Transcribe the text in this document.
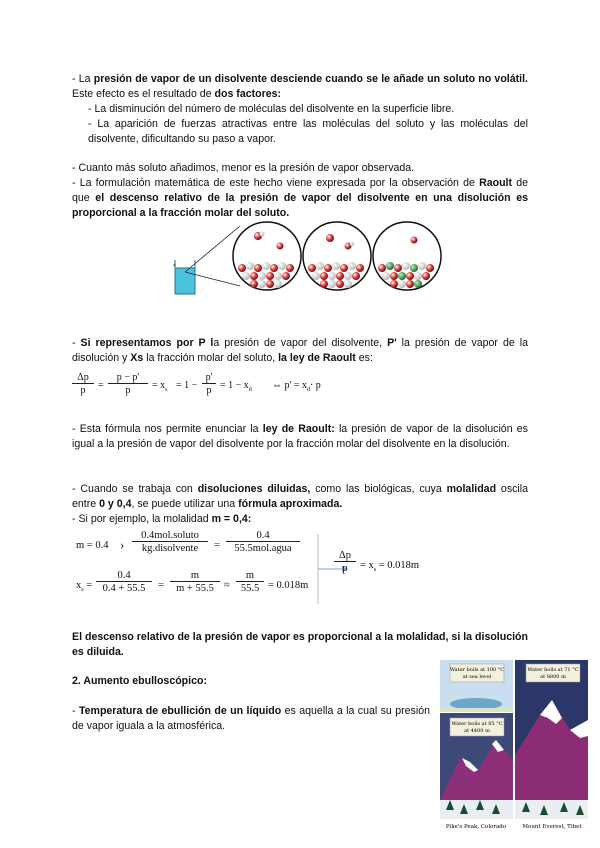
- La presión de vapor de un disolvente desciende cuando se le añade un soluto no volátil. Este efecto es el resultado de dos factores:

- La disminución del número de moléculas del disolvente en la superficie libre.

- La aparición de fuerzas atractivas entre las moléculas del soluto y las moléculas del disolvente, dificultando su paso a vapor.

- Cuanto más soluto añadimos, menor es la presión de vapor observada.

- La formulación matemática de este hecho viene expresada por la observación de Raoult de que el descenso relativo de la presión de vapor del disolvente en una disolución es proporcional a la fracción molar del soluto.

*

- Si representamos por P la presión de vapor del disolvente, P' la presión de vapor de la disolución y Xs la fracción molar del soluto, la ley de Raoult es:

$\frac{\Delta p}{p} = \frac{p - p'}{p} = x_s = 1 - \frac{p'}{p} = 1 - x_d$ ⇔ $p' = x_d\cdot p$

- Esta fórmula nos permite enunciar la ley de Raoult: la presión de vapor de la disolución es igual a la presión de vapor del disolvente por la fracción molar del disolvente en la disolución.

- Cuando se trabaja con disoluciones diluidas, como las biológicas, cuya molalidad oscila entre 0 y 0,4, se puede utilizar una fórmula aproximada.

- Si por ejemplo, la molalidad m = 0,4:

m = 0.4 ›
0.4mol.soluto
kg.disolvente	=
0.4
55.5mol.agua
$x_s = \frac{0.4}{0.4 + 55.5} = \frac{m}{m + 55.5} \approx \frac{m}{55.5} = 0.018m$
$\frac{\Delta p}{p} = x_s = 0.018m$

El descenso relativo de la presión de vapor es proporcional a la molalidad, si la disolución es diluida.

2. Aumento ebulloscópico:

- Temperatura de ebullición de un líquido es aquella a la cual su presión de vapor iguala a la atmosférica.

Water boils at 100 °C
at sea level
Water boils at 71 °C
at 8800 m
Water boils at 85 °C
at 4400 m
Pike's Peak, Colorado	Mount Everest, Tibet
